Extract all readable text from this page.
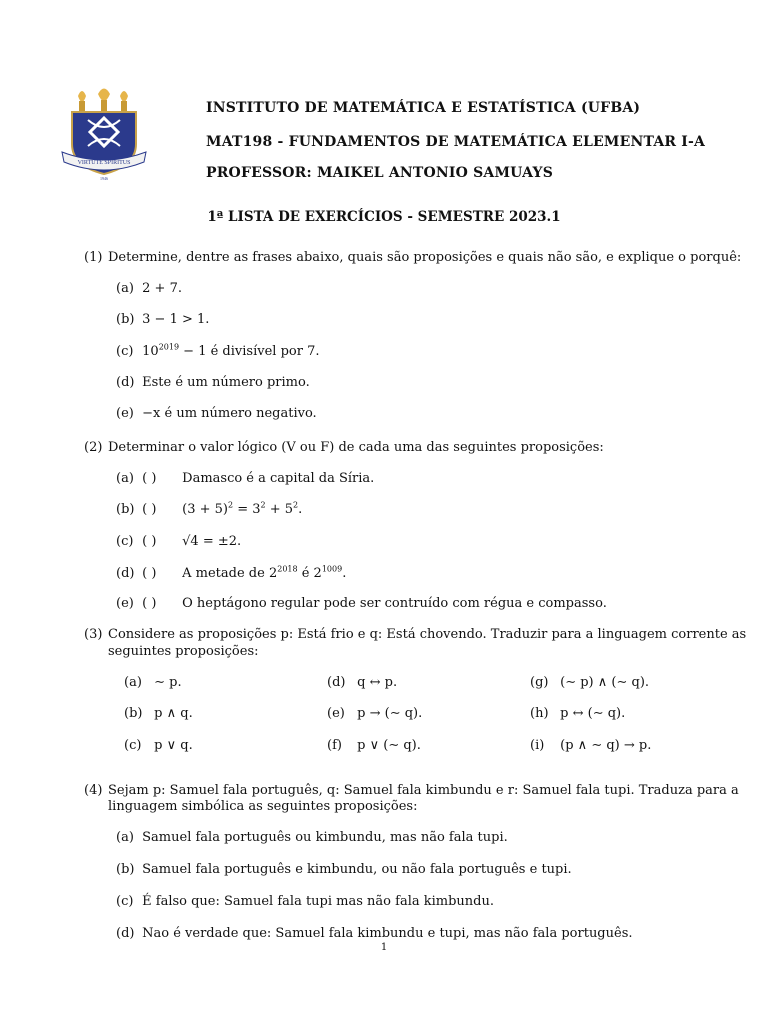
VIRTUTE SPIRITUS
1946
INSTITUTO DE MATEMÁTICA E ESTATÍSTICA (UFBA)
MAT198 - FUNDAMENTOS DE MATEMÁTICA ELEMENTAR I-A
PROFESSOR: MAIKEL ANTONIO SAMUAYS
1ª LISTA DE EXERCÍCIOS - SEMESTRE 2023.1
(1) Determine, dentre as frases abaixo, quais são proposições e quais não são, e explique o porquê:
(a) 2 + 7.
(b) 3 − 1 > 1.
(c) $10^{2019} - 1$ é divisível por 7.
(d) Este é um número primo.
(e) −x é um número negativo.
(2) Determinar o valor lógico (V ou F) de cada uma das seguintes proposições:
(a) ( ) Damasco é a capital da Síria.
(b) ( ) $(3 + 5)^2 = 3^2 + 5^2$.
(c) ( ) √4 = ±2.
(d) ( ) A metade de $2^{2018}$ é $2^{1009}$.
(e) ( ) O heptágono regular pode ser contruído com régua e compasso.
(3) Considere as proposições p: Está frio e q: Está chovendo. Traduzir para a linguagem corrente as
seguintes proposições:
(a) ∼ p.
(b) p ∧ q.
(c) p ∨ q.
(d) q ↔ p.
(e) p → (∼ q).
(f) p ∨ (∼ q).
(g) (∼ p) ∧ (∼ q).
(h) p ↔ (∼ q).
(i) (p ∧ ∼ q) → p.
(4) Sejam p: Samuel fala português, q: Samuel fala kimbundu e r: Samuel fala tupi. Traduza para a
linguagem simbólica as seguintes proposições:
(a) Samuel fala português ou kimbundu, mas não fala tupi.
(b) Samuel fala português e kimbundu, ou não fala português e tupi.
(c) É falso que: Samuel fala tupi mas não fala kimbundu.
(d) Nao é verdade que: Samuel fala kimbundu e tupi, mas não fala português.
1
